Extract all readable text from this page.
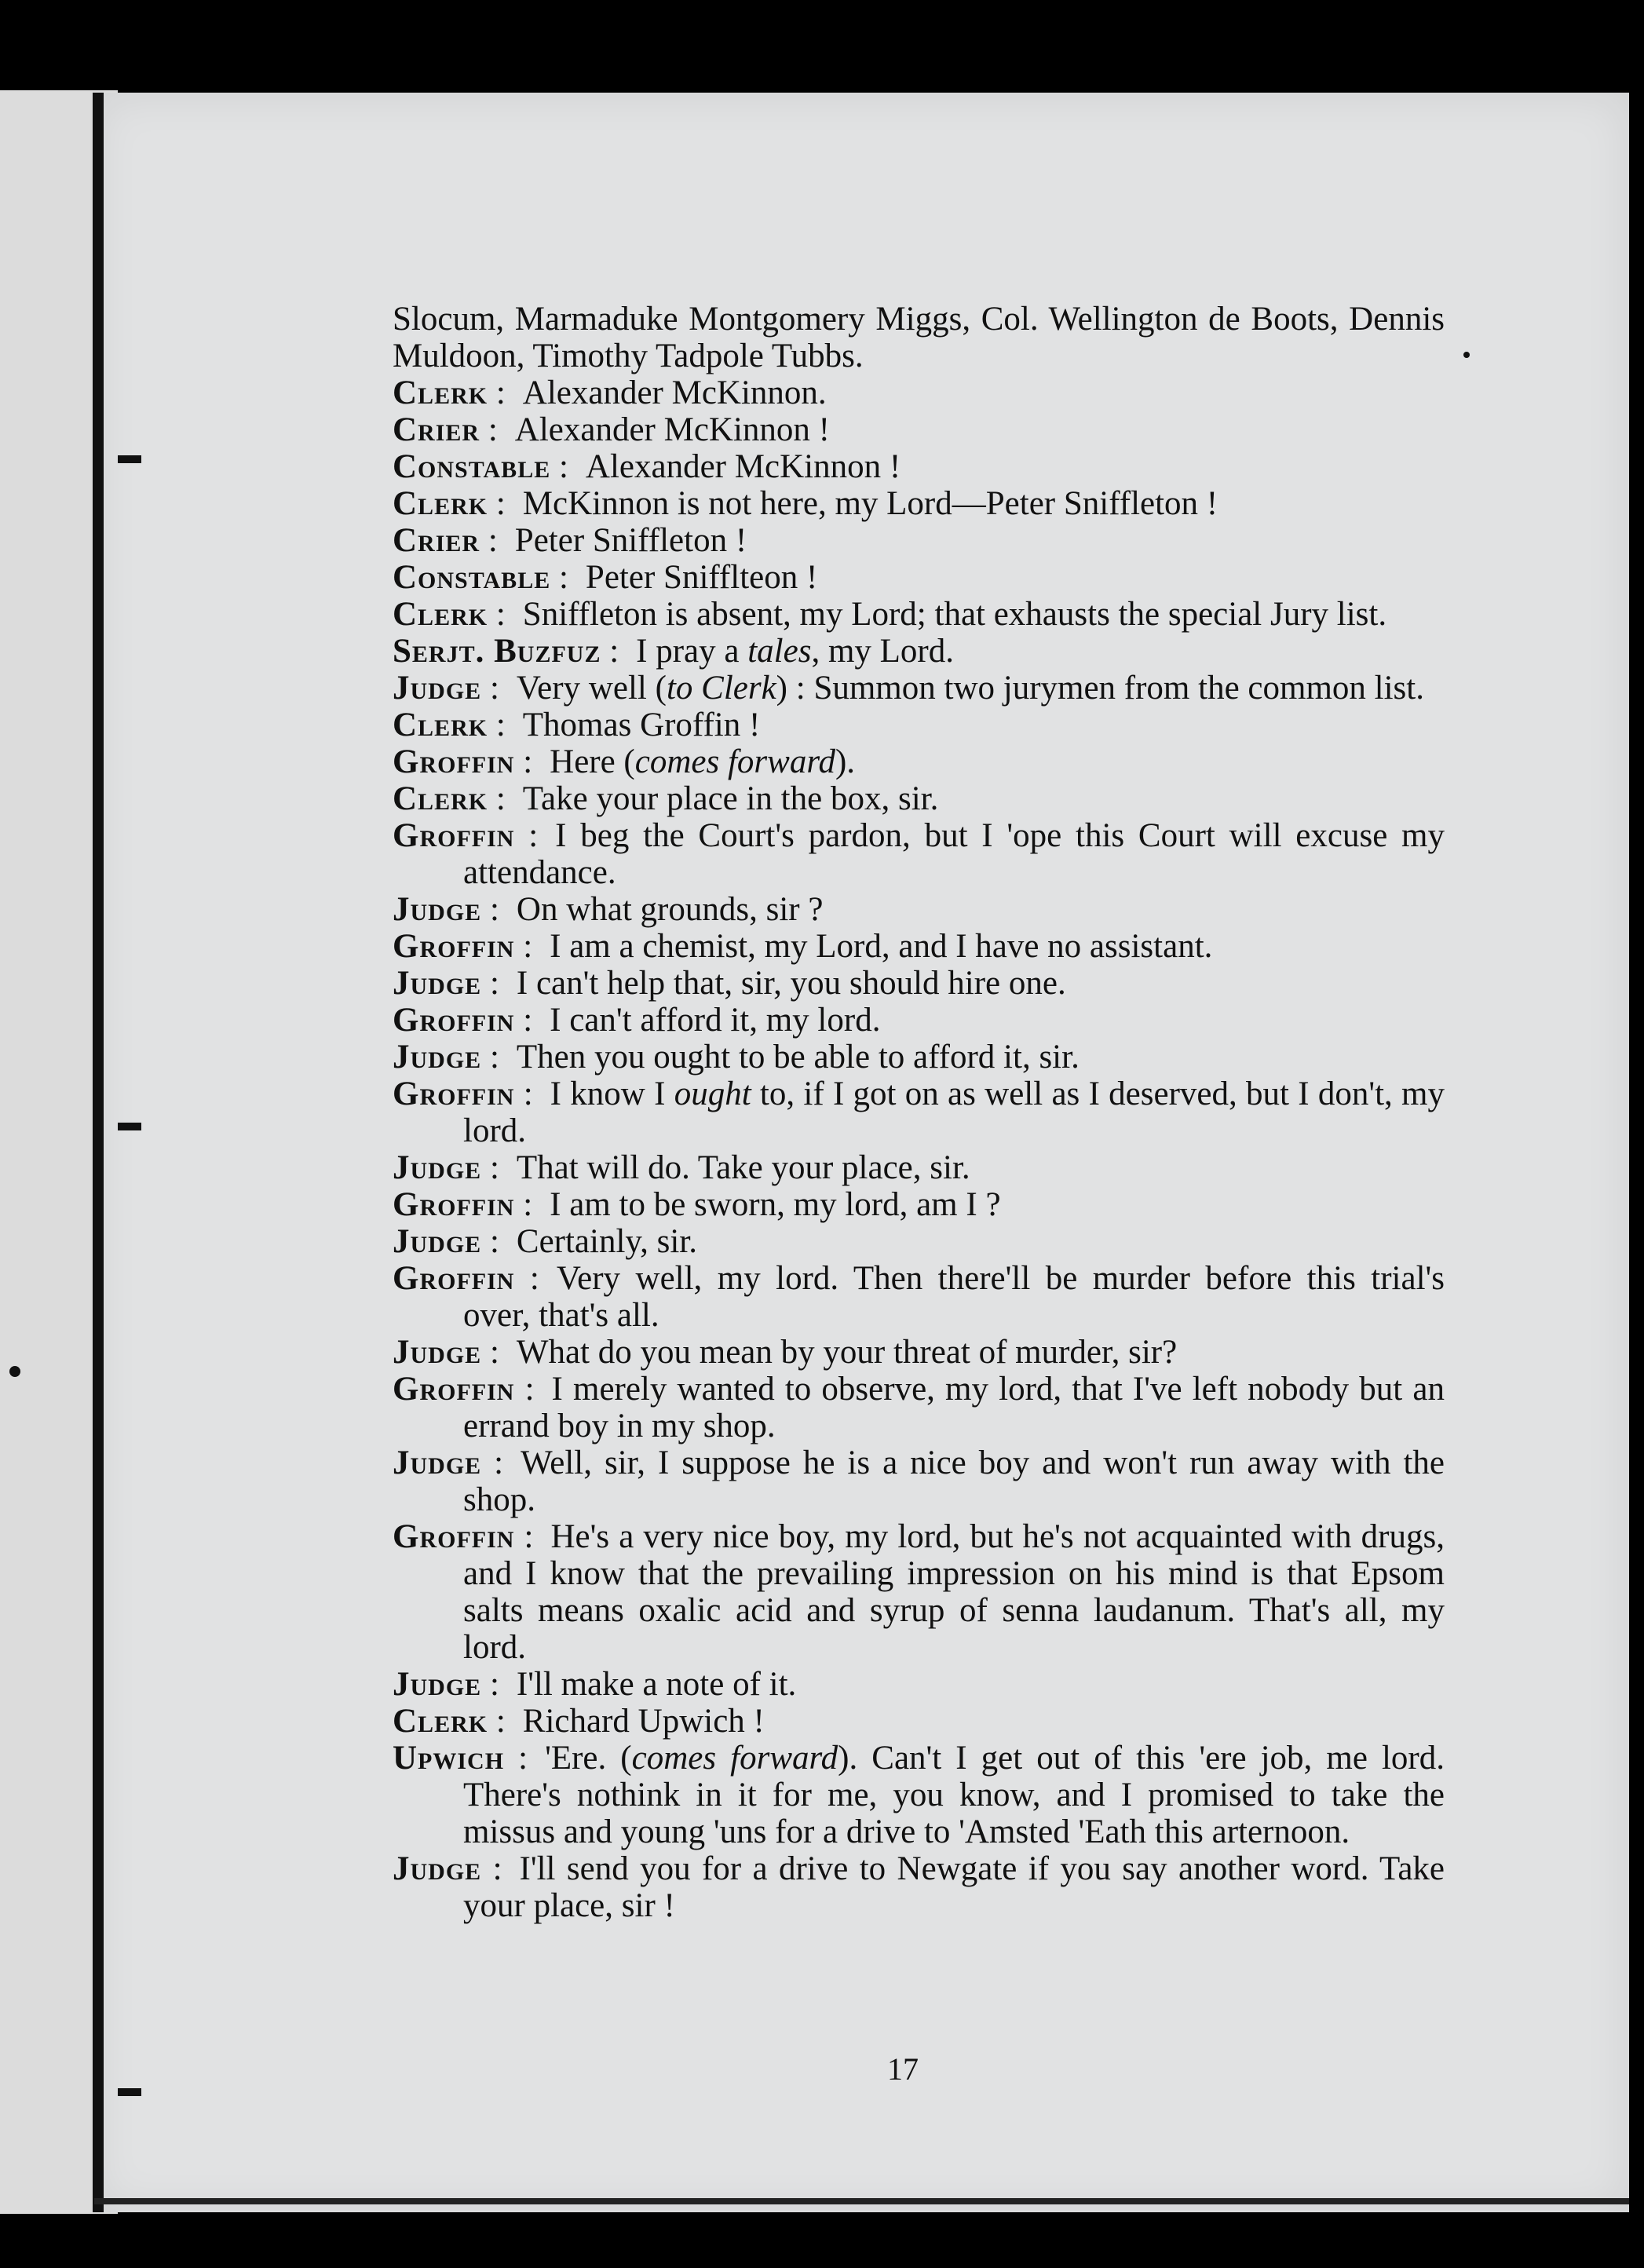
Slocum, Marmaduke Montgomery Miggs, Col. Wellington de Boots, Dennis Muldoon, Timothy Tadpole Tubbs.

Clerk : Alexander McKinnon.

Crier : Alexander McKinnon !

Constable : Alexander McKinnon !

Clerk : McKinnon is not here, my Lord—Peter Sniffleton !

Crier : Peter Sniffleton !

Constable : Peter Snifflteon !

Clerk : Sniffleton is absent, my Lord; that exhausts the special Jury list.

Serjt. Buzfuz : I pray a tales, my Lord.

Judge : Very well (to Clerk) : Summon two jurymen from the common list.

Clerk : Thomas Groffin !

Groffin : Here (comes forward).

Clerk : Take your place in the box, sir.

Groffin : I beg the Court's pardon, but I 'ope this Court will excuse my attendance.

Judge : On what grounds, sir ?

Groffin : I am a chemist, my Lord, and I have no assistant.

Judge : I can't help that, sir, you should hire one.

Groffin : I can't afford it, my lord.

Judge : Then you ought to be able to afford it, sir.

Groffin : I know I ought to, if I got on as well as I deserved, but I don't, my lord.

Judge : That will do. Take your place, sir.

Groffin : I am to be sworn, my lord, am I ?

Judge : Certainly, sir.

Groffin : Very well, my lord. Then there'll be murder before this trial's over, that's all.

Judge : What do you mean by your threat of murder, sir?

Groffin : I merely wanted to observe, my lord, that I've left nobody but an errand boy in my shop.

Judge : Well, sir, I suppose he is a nice boy and won't run away with the shop.

Groffin : He's a very nice boy, my lord, but he's not acquainted with drugs, and I know that the prevailing impression on his mind is that Epsom salts means oxalic acid and syrup of senna laudanum. That's all, my lord.

Judge : I'll make a note of it.

Clerk : Richard Upwich !

Upwich : 'Ere. (comes forward). Can't I get out of this 'ere job, me lord. There's nothink in it for me, you know, and I promised to take the missus and young 'uns for a drive to 'Amsted 'Eath this arternoon.

Judge : I'll send you for a drive to Newgate if you say another word. Take your place, sir !

17
